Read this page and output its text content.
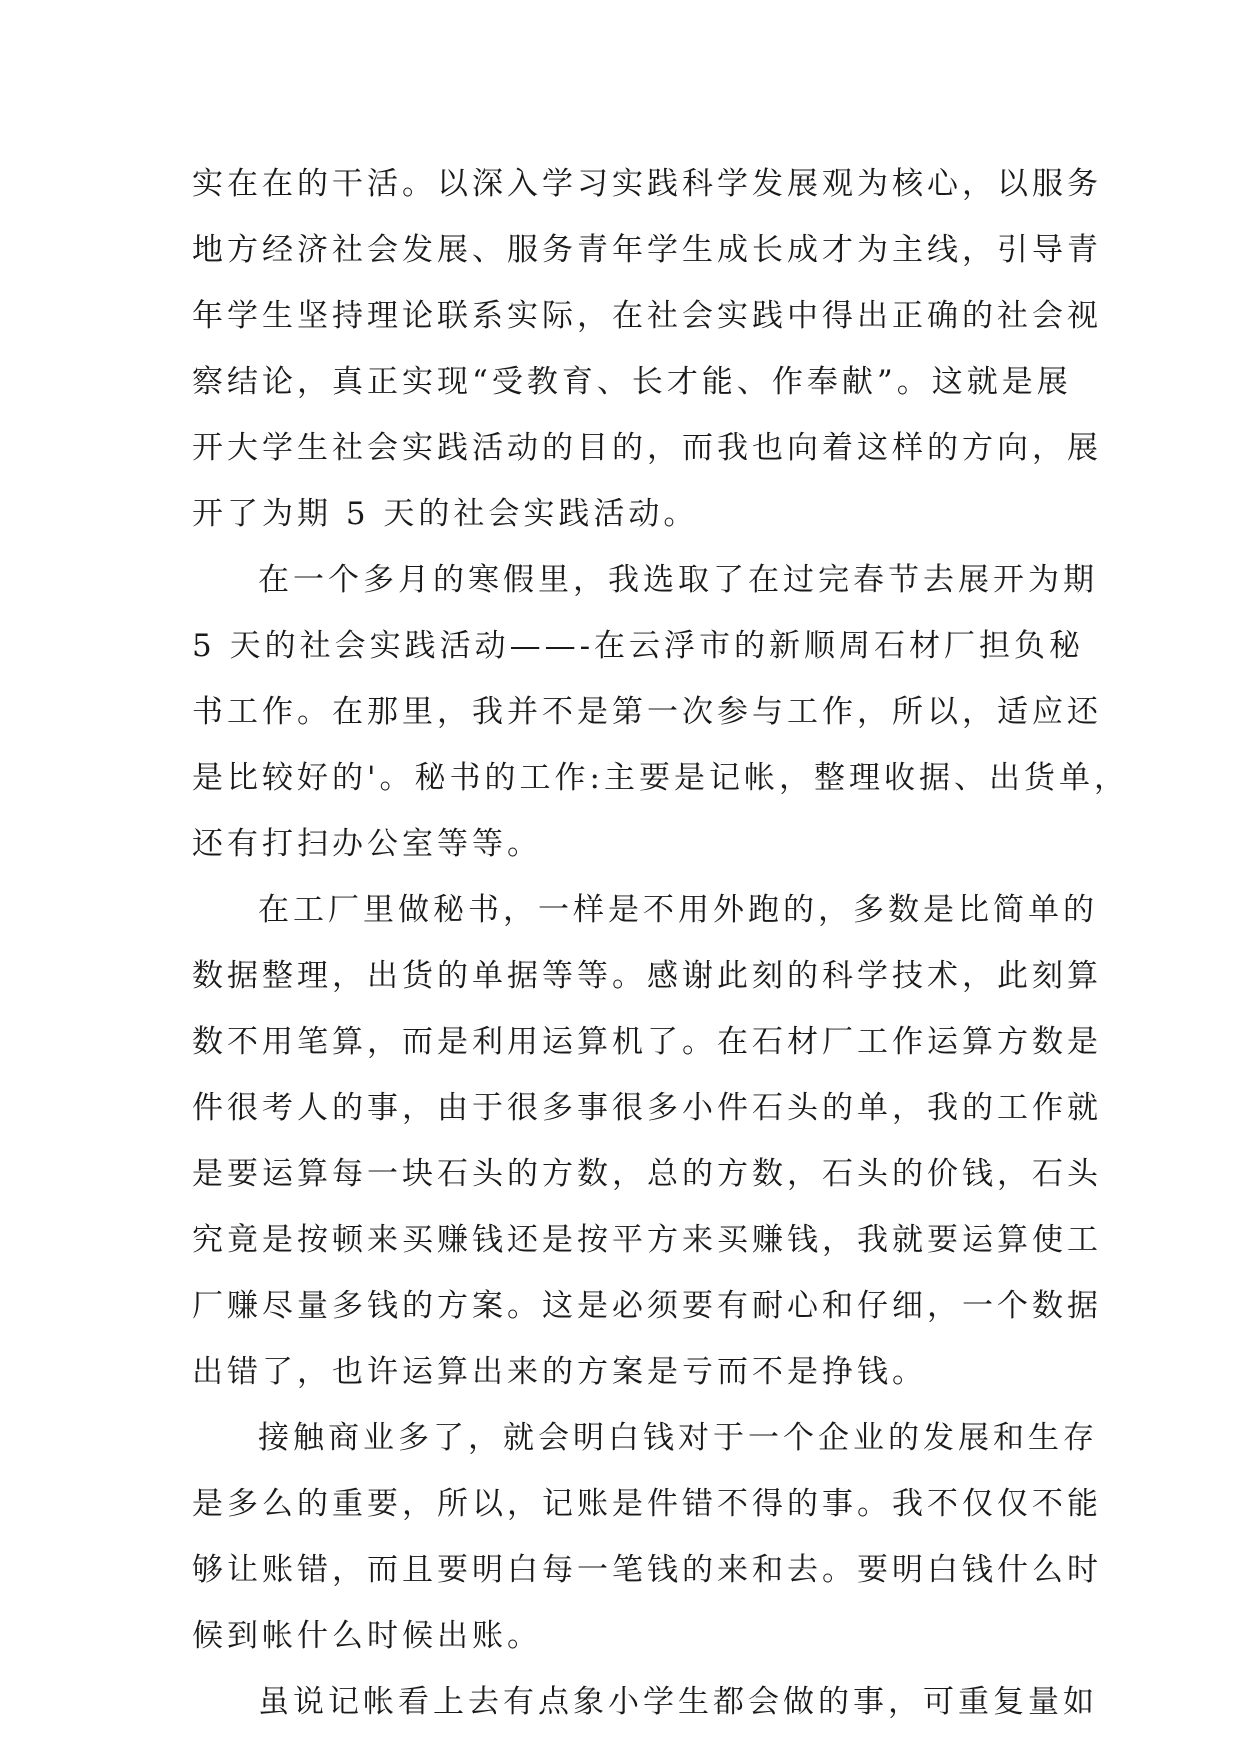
实在在的干活。以深入学习实践科学发展观为核心，以服务
地方经济社会发展、服务青年学生成长成才为主线，引导青
年学生坚持理论联系实际，在社会实践中得出正确的社会视
察结论，真正实现“受教育、长才能、作奉献”。这就是展
开大学生社会实践活动的目的，而我也向着这样的方向，展
开了为期 5 天的社会实践活动。
在一个多月的寒假里，我选取了在过完春节去展开为期
5 天的社会实践活动——-在云浮市的新顺周石材厂担负秘
书工作。在那里，我并不是第一次参与工作，所以，适应还
是比较好的'。秘书的工作:主要是记帐，整理收据、出货单，
还有打扫办公室等等。
在工厂里做秘书，一样是不用外跑的，多数是比简单的
数据整理，出货的单据等等。感谢此刻的科学技术，此刻算
数不用笔算，而是利用运算机了。在石材厂工作运算方数是
件很考人的事，由于很多事很多小件石头的单，我的工作就
是要运算每一块石头的方数，总的方数，石头的价钱，石头
究竟是按顿来买赚钱还是按平方来买赚钱，我就要运算使工
厂赚尽量多钱的方案。这是必须要有耐心和仔细，一个数据
出错了，也许运算出来的方案是亏而不是挣钱。
接触商业多了，就会明白钱对于一个企业的发展和生存
是多么的重要，所以，记账是件错不得的事。我不仅仅不能
够让账错，而且要明白每一笔钱的来和去。要明白钱什么时
候到帐什么时候出账。
虽说记帐看上去有点象小学生都会做的事，可重复量如
